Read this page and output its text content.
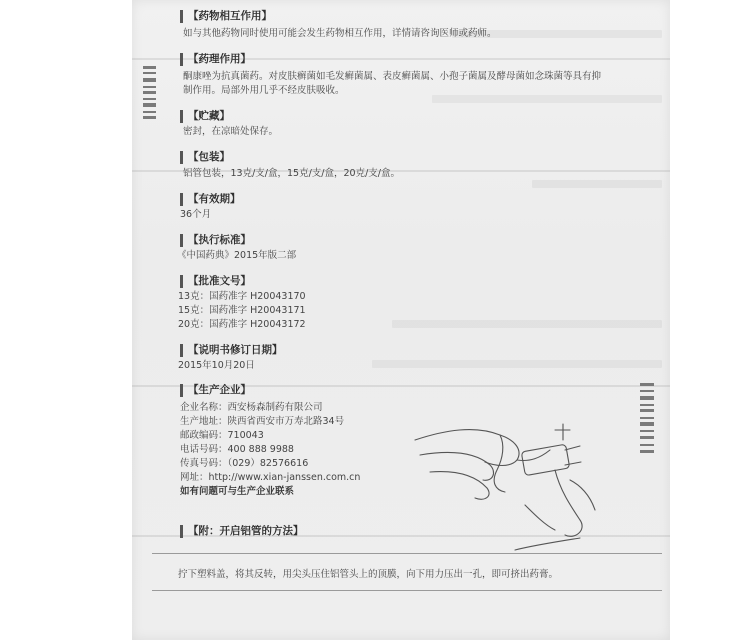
【 药物相互作用 】
如与其他药物同时使用可能会发生药物相互作用，详情请咨询医师或药师。
【 药理作用 】
酮康唑为抗真菌药。对皮肤癣菌如毛发癣菌属、表皮癣菌属、小孢子菌属及酵母菌如念珠菌等具有抑
制作用。局部外用几乎不经皮肤吸收。
【 贮藏 】
密封，在凉暗处保存。
【 包装 】
铝管包装，13克/支/盒，15克/支/盒，20克/支/盒。
【 有效期 】
36个月
【 执行标准 】
《中国药典》2015年版二部
【 批准文号 】
13克：国药准字 H20043170
15克：国药准字 H20043171
20克：国药准字 H20043172
【 说明书修订日期 】
2015年10月20日
【 生产企业 】
企业名称：西安杨森制药有限公司
生产地址：陕西省西安市万寿北路34号
邮政编码：710043
电话号码：400 888 9988
传真号码：（029）82576616
网址：http://www.xian-janssen.com.cn
如有问题可与生产企业联系
【 附：开启铝管的方法 】
拧下塑料盖，将其反转，用尖头压住铝管头上的顶膜，向下用力压出一孔，即可挤出药膏。
